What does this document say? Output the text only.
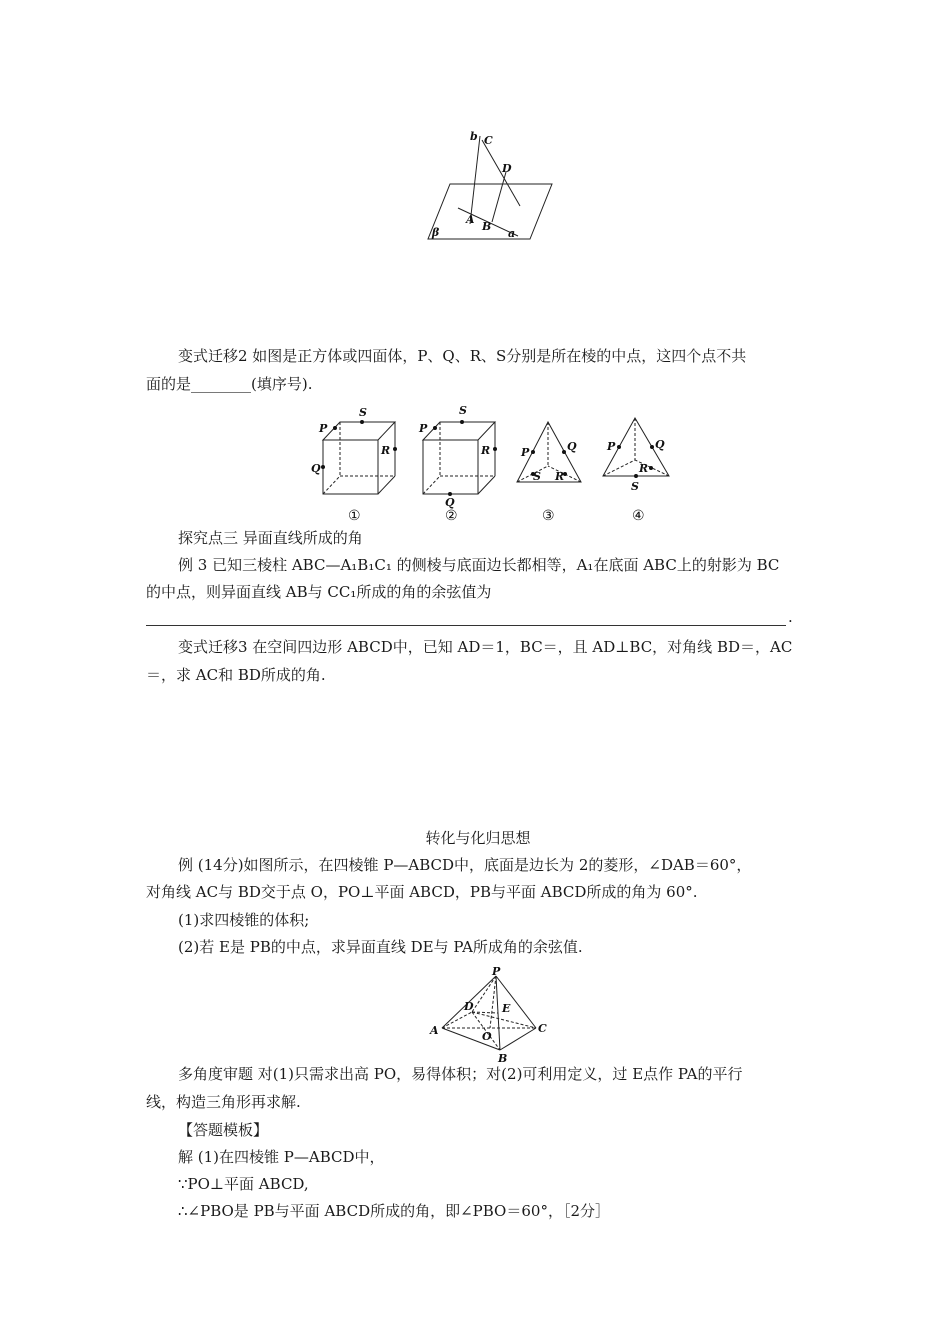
b C
D
A
B
β	a
变式迁移2 如图是正方体或四面体，P、Q、R、S分别是所在棱的中点，这四个点不共
面的是________(填序号).
P
S
R
Q
P
S
R
Q
P	Q
S R
P	Q
R
S
①	②	③	④
探究点三 异面直线所成的角
例 3 已知三棱柱 ABC—A₁B₁C₁ 的侧棱与底面边长都相等，A₁在底面 ABC上的射影为 BC
的中点，则异面直线 AB与 CC₁所成的角的余弦值为
.
变式迁移3 在空间四边形 ABCD中，已知 AD＝1，BC＝，且 AD⊥BC，对角线 BD＝，AC
＝，求 AC和 BD所成的角.
转化与化归思想
例 (14分)如图所示，在四棱锥 P—ABCD中，底面是边长为 2的菱形，∠DAB＝60°，
对角线 AC与 BD交于点 O，PO⊥平面 ABCD，PB与平面 ABCD所成的角为 60°.
(1)求四棱锥的体积;
(2)若 E是 PB的中点，求异面直线 DE与 PA所成角的余弦值.
P
D	E
A	O
C
B
多角度审题 对(1)只需求出高 PO，易得体积；对(2)可利用定义，过 E点作 PA的平行
线，构造三角形再求解.
【答题模板】
解 (1)在四棱锥 P—ABCD中，
∵PO⊥平面 ABCD,
∴∠PBO是 PB与平面 ABCD所成的角，即∠PBO＝60°，［2分］
